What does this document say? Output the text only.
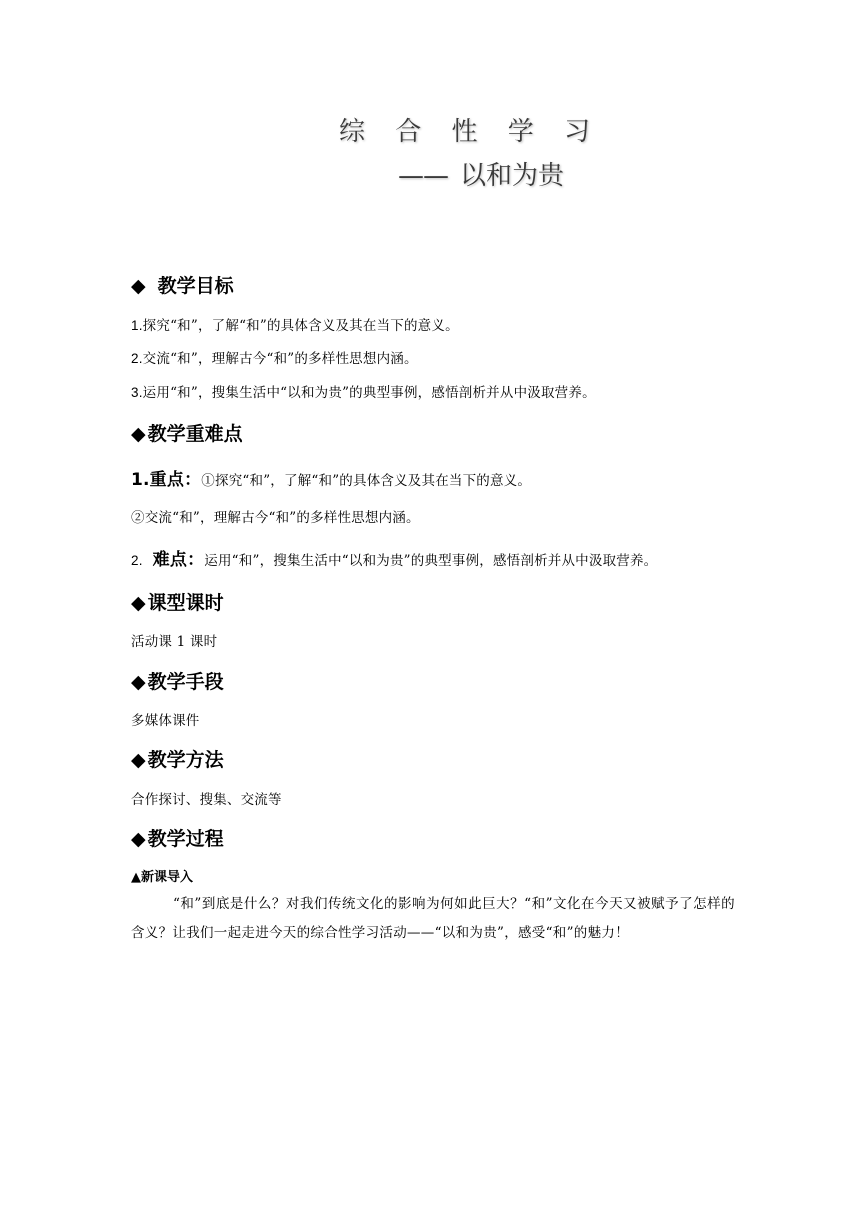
综 合 性 学 习
—— 以和为贵
◆ 教学目标
1.探究“和”，了解“和”的具体含义及其在当下的意义。
2.交流“和”，理解古今“和”的多样性思想内涵。
3.运用“和”，搜集生活中“以和为贵”的典型事例，感悟剖析并从中汲取营养。
◆ 教学重难点
1.重点：①探究“和”，了解“和”的具体含义及其在当下的意义。
②交流“和”，理解古今“和”的多样性思想内涵。
2. 难点：运用“和”，搜集生活中“以和为贵”的典型事例，感悟剖析并从中汲取营养。
◆ 课型课时
活动课 1 课时
◆ 教学手段
多媒体课件
◆ 教学方法
合作探讨、搜集、交流等
◆ 教学过程
▲新课导入
“和”到底是什么？对我们传统文化的影响为何如此巨大？“和”文化在今天又被赋予了怎样的含义？让我们一起走进今天的综合性学习活动——“以和为贵”，感受“和”的魅力！
